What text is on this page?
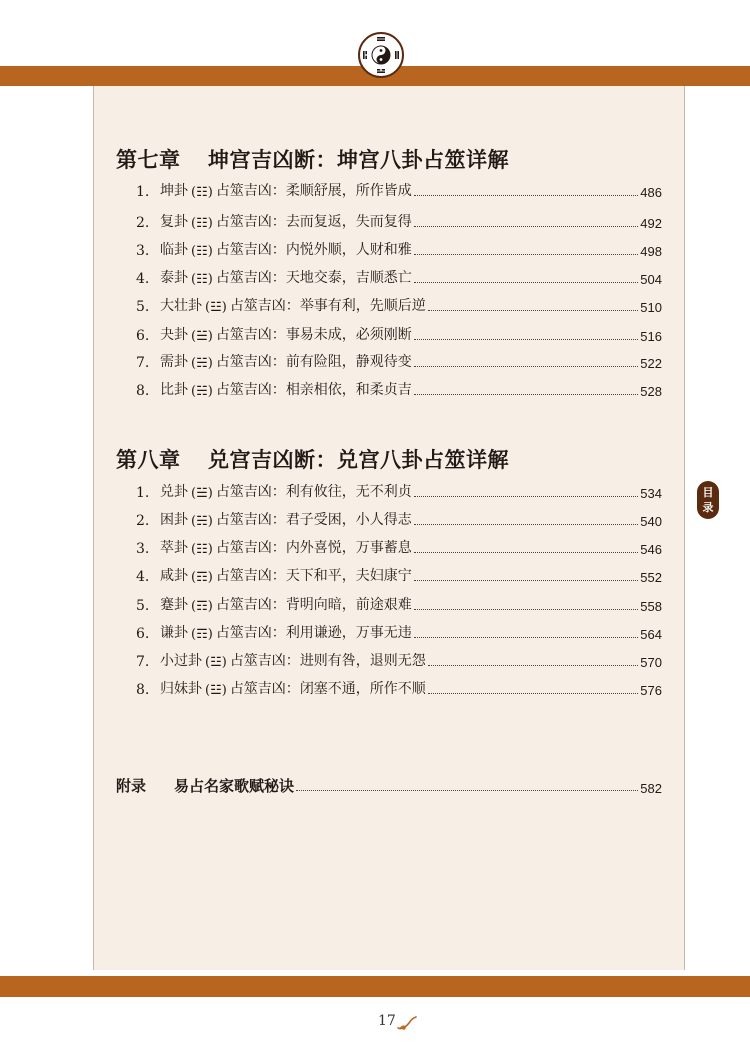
第七章 坤宫吉凶断：坤宫八卦占筮详解
1. 坤卦 (☷) 占筮吉凶： 柔顺舒展，所作皆成	486
2. 复卦 (☷) 占筮吉凶： 去而复返，失而复得	492
3. 临卦 (☷) 占筮吉凶： 内悦外顺，人财和雅	498
4. 泰卦 (☷) 占筮吉凶： 天地交泰，吉顺悉亡	504
5. 大壮卦 (☳) 占筮吉凶： 举事有利，先顺后逆	510
6. 夬卦 (☱) 占筮吉凶： 事易未成，必须刚断	516
7. 需卦 (☵) 占筮吉凶： 前有险阻，静观待变	522
8. 比卦 (☵) 占筮吉凶： 相亲相依，和柔贞吉	528
第八章 兑宫吉凶断：兑宫八卦占筮详解
1. 兑卦 (☱) 占筮吉凶： 利有攸往，无不利贞	534
2. 困卦 (☵) 占筮吉凶： 君子受困，小人得志	540
3. 萃卦 (☷) 占筮吉凶： 内外喜悦，万事蓄息	546
4. 咸卦 (☶) 占筮吉凶： 天下和平，夫妇康宁	552
5. 蹇卦 (☶) 占筮吉凶： 背明向暗，前途艰难	558
6. 谦卦 (☶) 占筮吉凶： 利用谦逊，万事无违	564
7. 小过卦 (☳) 占筮吉凶： 进则有咎，退则无怨	570
8. 归妹卦 (☳) 占筮吉凶： 闭塞不通，所作不顺	576
附录	易占名家歌赋秘诀	582
目
录
17
